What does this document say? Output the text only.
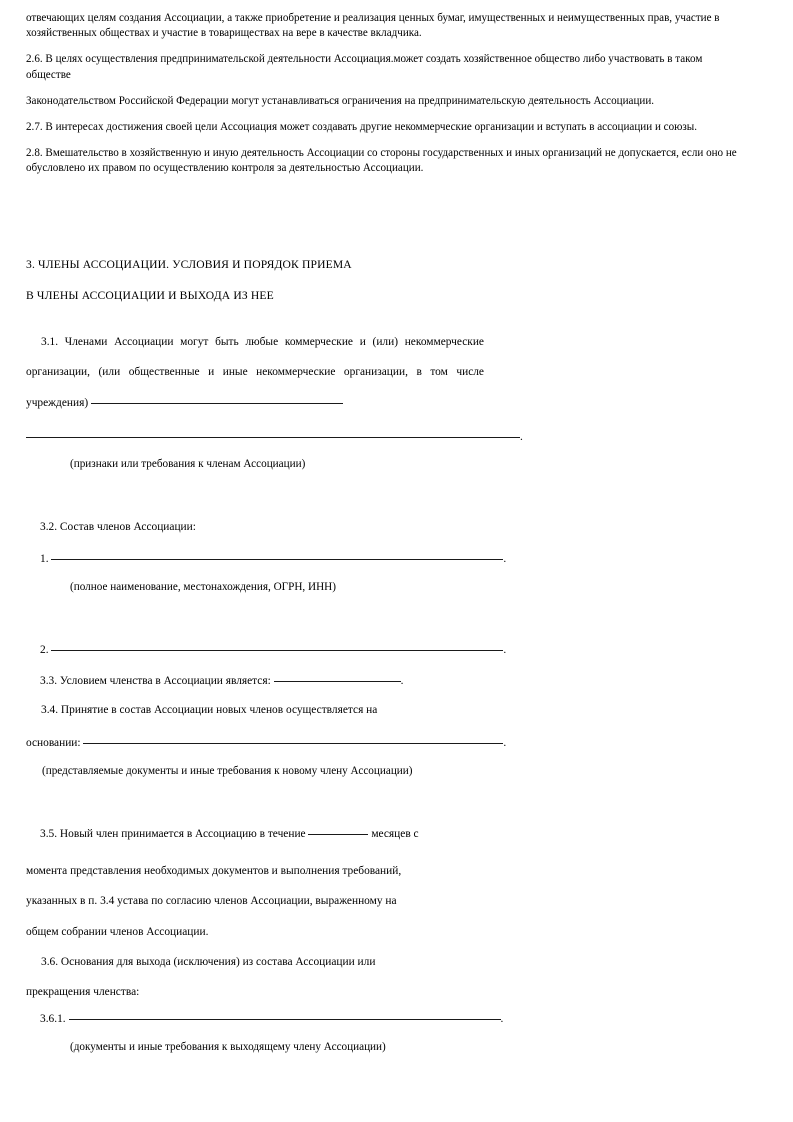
отвечающих целям создания Ассоциации, а также приобретение и реализация ценных бумаг, имущественных и неимущественных прав, участие в хозяйственных обществах и участие в товариществах на вере в качестве вкладчика.

2.6. В целях осуществления предпринимательской деятельности Ассоциация.может создать хозяйственное общество либо участвовать в таком обществе

Законодательством Российской Федерации могут устанавливаться ограничения на предпринимательскую деятельность Ассоциации.

2.7. В интересах достижения своей цели Ассоциация может создавать другие некоммерческие организации и вступать в ассоциации и союзы.

2.8. Вмешательство в хозяйственную и иную деятельность Ассоциации со стороны государственных и иных организаций не допускается, если оно не обусловлено их правом по осуществлению контроля за деятельностью Ассоциации.

3. ЧЛЕНЫ АССОЦИАЦИИ. УСЛОВИЯ И ПОРЯДОК ПРИЕМА
В ЧЛЕНЫ АССОЦИАЦИИ И ВЫХОДА ИЗ НЕЕ

3.1. Членами Ассоциации могут быть любые коммерческие и (или) некоммерческие организации, (или общественные и иные некоммерческие организации, в том числе учреждения)

.
(признаки или требования к членам Ассоциации)
3.2. Состав членов Ассоциации:
1.	.
(полное наименование, местонахождения, ОГРН, ИНН)
2.	.
3.3. Условием членства в Ассоциации является:	.

3.4. Принятие в состав Ассоциации новых членов осуществляется на

основании:	.
(представляемые документы и иные требования к новому члену Ассоциации)
3.5. Новый член принимается в Ассоциацию в течение	месяцев с

момента представления необходимых документов и выполнения требований,

указанных в п. 3.4 устава по согласию членов Ассоциации, выраженному на

общем собрании членов Ассоциации.

3.6. Основания для выхода (исключения) из состава Ассоциации или

прекращения членства:

3.6.1.	.
(документы и иные требования к выходящему члену Ассоциации)
